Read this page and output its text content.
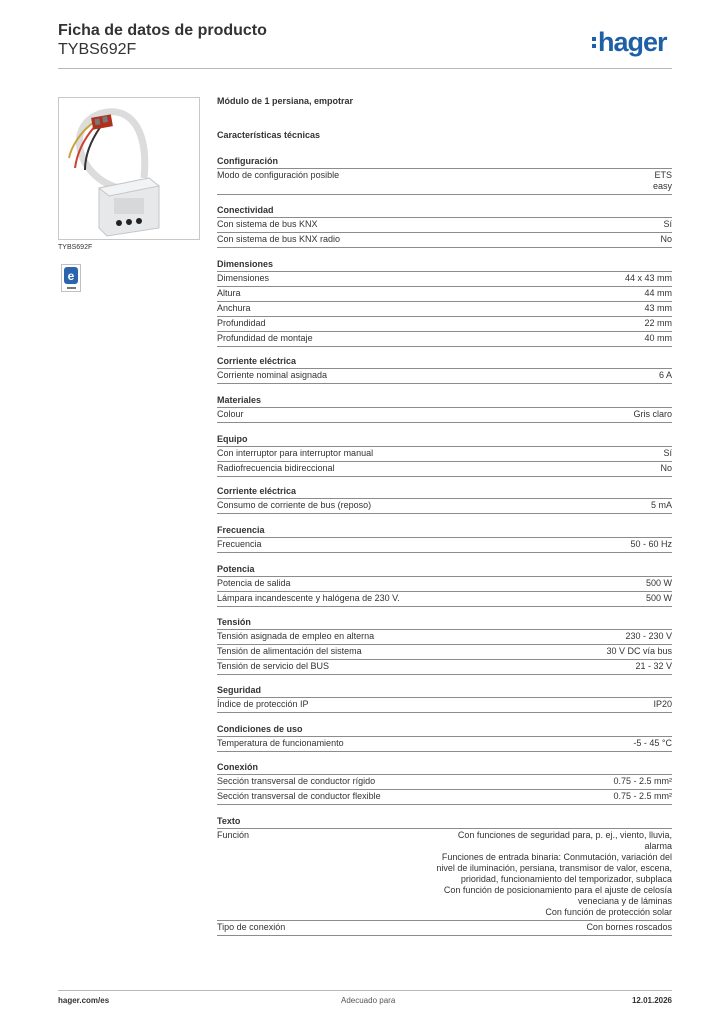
Ficha de datos de producto
TYBS692F	hager
TYBS692F
e
Módulo de 1 persiana, empotrar
Características técnicas
Configuración
Modo de configuración posible	ETS
easy
Conectividad
Con sistema de bus KNX	Sí
Con sistema de bus KNX radio	No
Dimensiones
Dimensiones	44 x 43 mm
Altura	44 mm
Anchura	43 mm
Profundidad	22 mm
Profundidad de montaje	40 mm
Corriente eléctrica
Corriente nominal asignada	6 A
Materiales
Colour	Gris claro
Equipo
Con interruptor para interruptor manual	Sí
Radiofrecuencia bidireccional	No
Corriente eléctrica
Consumo de corriente de bus (reposo)	5 mA
Frecuencia
Frecuencia	50 - 60 Hz
Potencia
Potencia de salida	500 W
Lámpara incandescente y halógena de 230 V.	500 W
Tensión
Tensión asignada de empleo en alterna	230 - 230 V
Tensión de alimentación del sistema	30 V DC vía bus
Tensión de servicio del BUS	21 - 32 V
Seguridad
Índice de protección IP	IP20
Condiciones de uso
Temperatura de funcionamiento	-5 - 45 °C
Conexión
Sección transversal de conductor rígido	0.75 - 2.5 mm²
Sección transversal de conductor flexible	0.75 - 2.5 mm²
Texto
Función	Con funciones de seguridad para, p. ej., viento, lluvia,
alarma
Funciones de entrada binaria: Conmutación, variación del
nivel de iluminación, persiana, transmisor de valor, escena,
prioridad, funcionamiento del temporizador, subplaca
Con función de posicionamiento para el ajuste de celosía
veneciana y de láminas
Con función de protección solar
Tipo de conexión	Con bornes roscados
hager.com/es	Adecuado para	12.01.2026
